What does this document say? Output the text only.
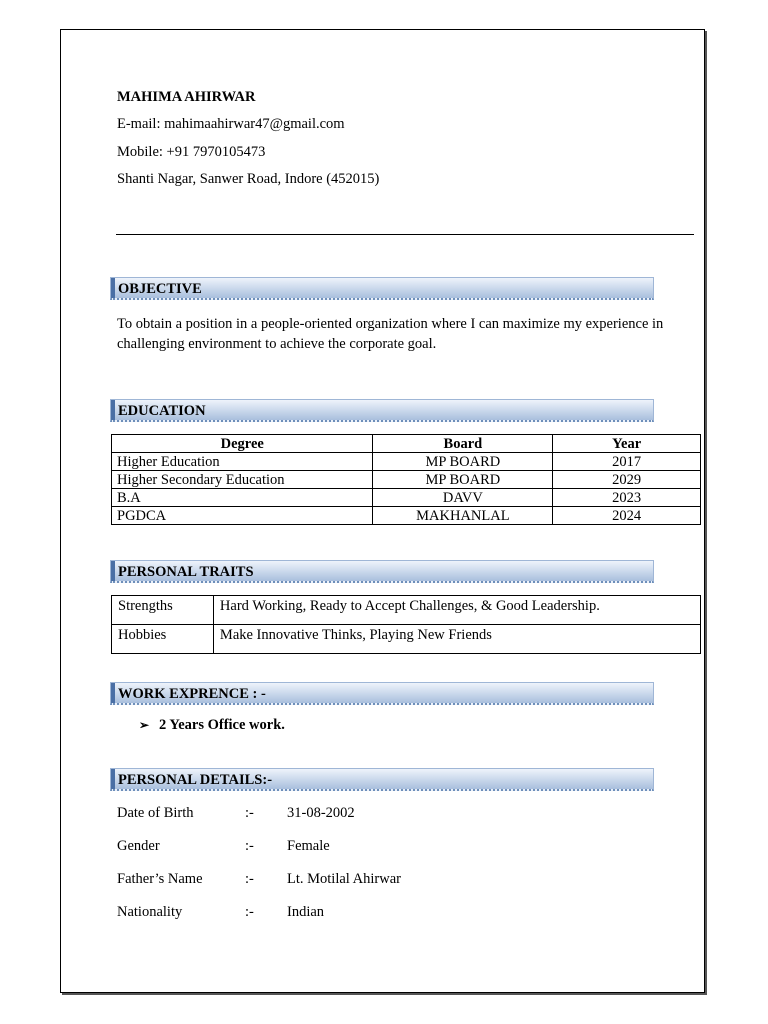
MAHIMA AHIRWAR
E-mail: mahimaahirwar47@gmail.com
Mobile: +91 7970105473
Shanti Nagar, Sanwer Road, Indore (452015)
OBJECTIVE
To obtain a position in a people-oriented organization where I can maximize my experience in challenging environment to achieve the corporate goal.
EDUCATION
Degree	Board	Year
Higher Education	MP BOARD	2017
Higher Secondary Education	MP BOARD	2029
B.A	DAVV	2023
PGDCA	MAKHANLAL	2024
PERSONAL TRAITS
Strengths	Hard Working, Ready to Accept Challenges, & Good Leadership.
Hobbies	Make Innovative Thinks, Playing New Friends
WORK EXPRENCE : -
➢ 2 Years Office work.
PERSONAL DETAILS:-
Date of Birth	:- 31-08-2002
Gender	:- Female
Father’s Name	:- Lt. Motilal Ahirwar
Nationality	:- Indian
